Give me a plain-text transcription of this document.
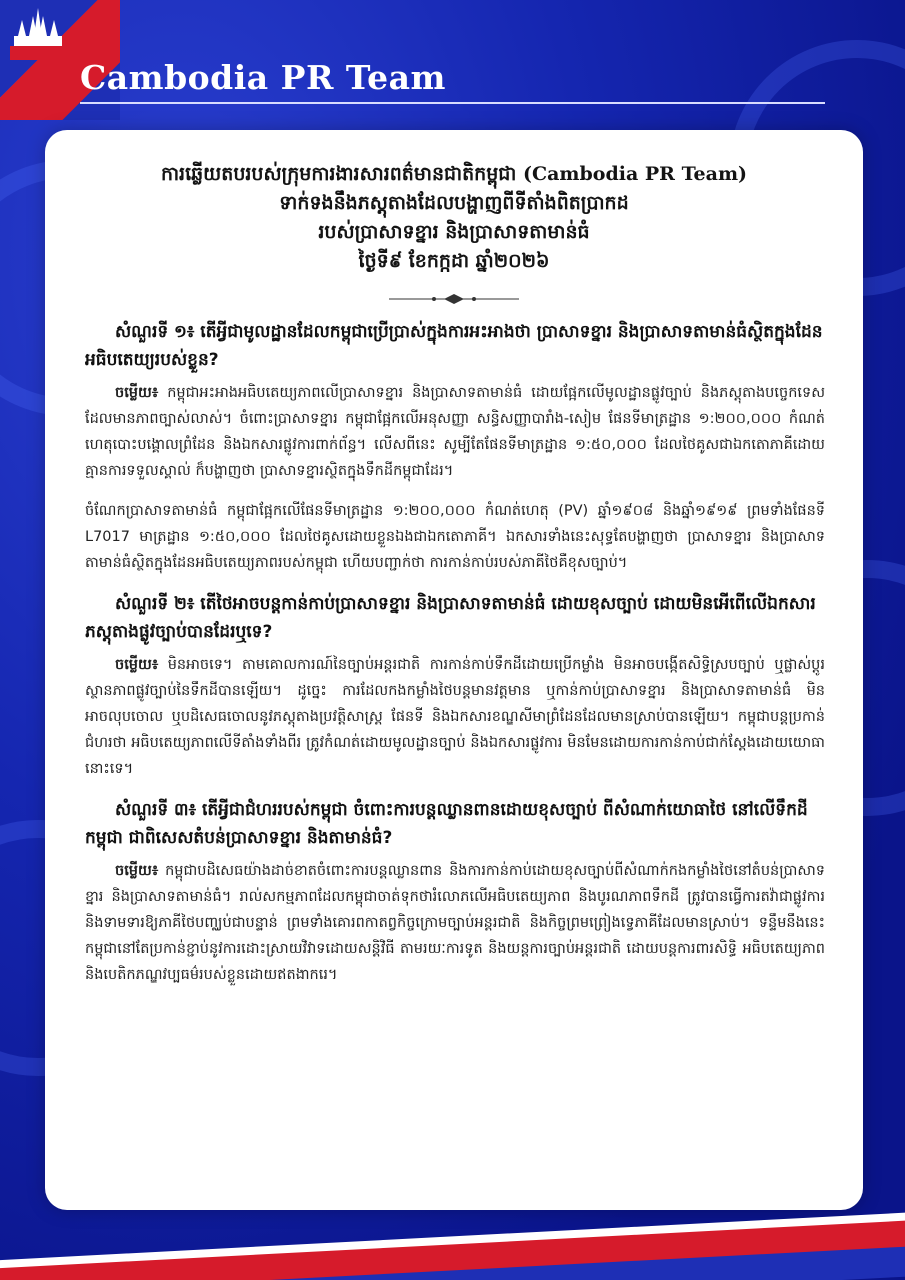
Cambodia PR Team
ការឆ្លើយតបរបស់ក្រុមការងារសារពត៌មានជាតិកម្ពុជា (Cambodia PR Team)
ទាក់ទងនឹងភស្តុតាងដែលបង្ហាញពីទីតាំងពិតប្រាកដ
របស់ប្រាសាទខ្នារ និងប្រាសាទតាមាន់ធំ
ថ្ងៃទី៩ ខែកក្កដា ឆ្នាំ២០២៦
សំណួរទី ១៖ តើអ្វីជាមូលដ្ឋានដែលកម្ពុជាប្រើប្រាស់ក្នុងការអះអាងថា ប្រាសាទខ្នារ និងប្រាសាទតាមាន់ធំស្ថិតក្នុងដែនអធិបតេយ្យរបស់ខ្លួន?
ចម្លើយ៖ កម្ពុជាអះអាងអធិបតេយ្យភាពលើប្រាសាទខ្នារ និងប្រាសាទតាមាន់ធំ ដោយផ្អែកលើមូលដ្ឋានផ្លូវច្បាប់ និងភស្តុតាងបច្ចេកទេសដែលមានភាពច្បាស់លាស់។ ចំពោះប្រាសាទខ្នារ កម្ពុជាផ្អែកលើអនុសញ្ញា សន្ធិសញ្ញាបារាំង-សៀម ផែនទីមាត្រដ្ឋាន ១:២០០,០០០ កំណត់ហេតុបោះបង្គោលព្រំដែន និងឯកសារផ្លូវការពាក់ព័ន្ធ។ លើសពីនេះ សូម្បីតែផែនទីមាត្រដ្ឋាន ១:៥០,០០០ ដែលថៃគូសជាឯកតោភាគីដោយគ្មានការទទួលស្គាល់ ក៏បង្ហាញថា ប្រាសាទខ្នារស្ថិតក្នុងទឹកដីកម្ពុជាដែរ។
ចំណែកប្រាសាទតាមាន់ធំ កម្ពុជាផ្អែកលើផែនទីមាត្រដ្ឋាន ១:២០០,០០០ កំណត់ហេតុ (PV) ឆ្នាំ១៩០៨ និងឆ្នាំ១៩១៩ ព្រមទាំងផែនទី L7017 មាត្រដ្ឋាន ១:៥០,០០០ ដែលថៃគូសដោយខ្លួនឯងជាឯកតោភាគី។ ឯកសារទាំងនេះសុទ្ធតែបង្ហាញថា ប្រាសាទខ្នារ និងប្រាសាទតាមាន់ធំស្ថិតក្នុងដែនអធិបតេយ្យភាពរបស់កម្ពុជា ហើយបញ្ជាក់ថា ការកាន់កាប់របស់ភាគីថៃគឺខុសច្បាប់។
សំណួរទី ២៖ តើថៃអាចបន្តកាន់កាប់ប្រាសាទខ្នារ និងប្រាសាទតាមាន់ធំ ដោយខុសច្បាប់ ដោយមិនអើពើលើឯកសារភស្តុតាងផ្លូវច្បាប់បានដែរឬទេ?
ចម្លើយ៖ មិនអាចទេ។ តាមគោលការណ៍នៃច្បាប់អន្តរជាតិ ការកាន់កាប់ទឹកដីដោយប្រើកម្លាំង មិនអាចបង្កើតសិទ្ធិស្របច្បាប់ ឬផ្លាស់ប្តូរស្ថានភាពផ្លូវច្បាប់នៃទឹកដីបានឡើយ។ ដូច្នេះ ការដែលកងកម្លាំងថៃបន្តមានវត្តមាន ឬកាន់កាប់ប្រាសាទខ្នារ និងប្រាសាទតាមាន់ធំ មិនអាចលុបចោល ឬបដិសេធចោលនូវភស្តុតាងប្រវត្តិសាស្ត្រ ផែនទី និងឯកសារខណ្ឌសីមាព្រំដែនដែលមានស្រាប់បានឡើយ។ កម្ពុជាបន្តប្រកាន់ជំហរថា អធិបតេយ្យភាពលើទីតាំងទាំងពីរ ត្រូវកំណត់ដោយមូលដ្ឋានច្បាប់ និងឯកសារផ្លូវការ មិនមែនដោយការកាន់កាប់ជាក់ស្តែងដោយយោធានោះទេ។
សំណួរទី ៣៖ តើអ្វីជាជំហររបស់កម្ពុជា ចំពោះការបន្តឈ្លានពានដោយខុសច្បាប់ ពីសំណាក់យោធាថៃ នៅលើទឹកដីកម្ពុជា ជាពិសេសតំបន់ប្រាសាទខ្នារ និងតាមាន់ធំ?
ចម្លើយ៖ កម្ពុជាបដិសេធយ៉ាងដាច់ខាតចំពោះការបន្តឈ្លានពាន និងការកាន់កាប់ដោយខុសច្បាប់ពីសំណាក់កងកម្លាំងថៃនៅតំបន់ប្រាសាទខ្នារ និងប្រាសាទតាមាន់ធំ។ រាល់សកម្មភាពដែលកម្ពុជាចាត់ទុកថារំលោភលើអធិបតេយ្យភាព និងបូរណភាពទឹកដី ត្រូវបានធ្វើការតវ៉ាជាផ្លូវការ និងទាមទារឱ្យភាគីថៃបញ្ឈប់ជាបន្ទាន់ ព្រមទាំងគោរពកាតព្វកិច្ចក្រោមច្បាប់អន្តរជាតិ និងកិច្ចព្រមព្រៀងទ្វេភាគីដែលមានស្រាប់។ ទន្ទឹមនឹងនេះ កម្ពុជានៅតែប្រកាន់ខ្ជាប់នូវការដោះស្រាយវិវាទដោយសន្តិវិធី តាមរយៈការទូត និងយន្តការច្បាប់អន្តរជាតិ ដោយបន្តការពារសិទ្ធិ អធិបតេយ្យភាព និងបេតិកភណ្ឌវប្បធម៌របស់ខ្លួនដោយឥតងាករេ។
